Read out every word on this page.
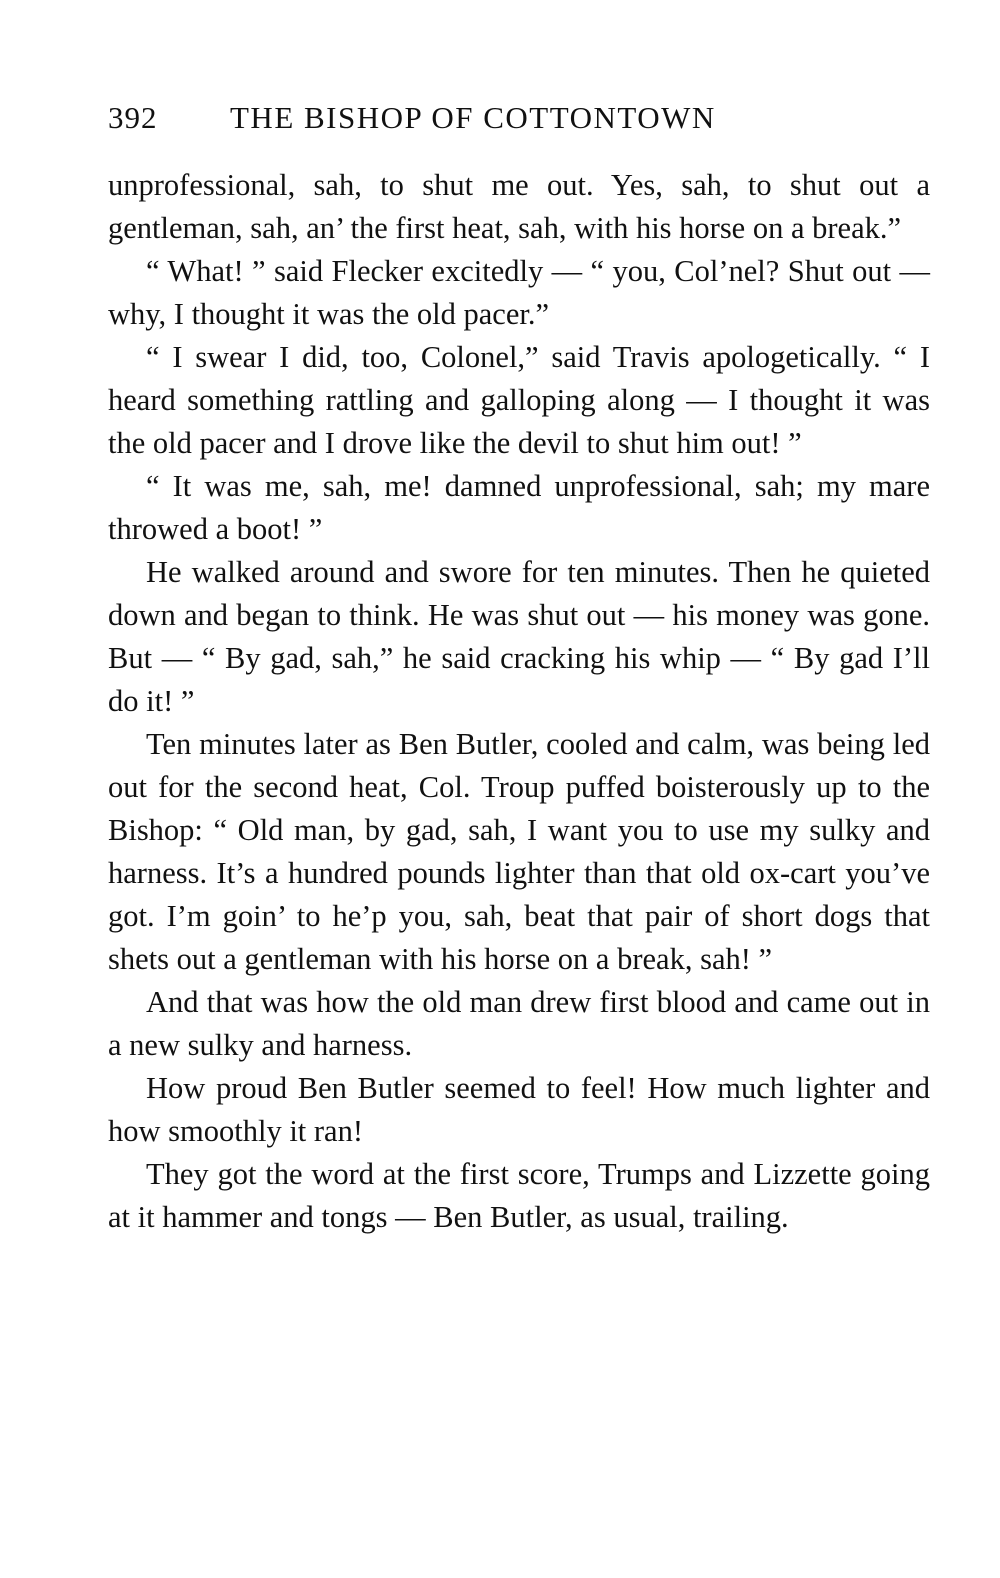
392	THE BISHOP OF COTTONTOWN

unprofessional, sah, to shut me out. Yes, sah, to shut out a gentleman, sah, an’ the first heat, sah, with his horse on a break.”

“ What! ” said Flecker excitedly — “ you, Col’nel? Shut out — why, I thought it was the old pacer.”

“ I swear I did, too, Colonel,” said Travis apologetically. “ I heard something rattling and galloping along — I thought it was the old pacer and I drove like the devil to shut him out! ”

“ It was me, sah, me! damned unprofessional, sah; my mare throwed a boot! ”

He walked around and swore for ten minutes. Then he quieted down and began to think. He was shut out — his money was gone. But — “ By gad, sah,” he said cracking his whip — “ By gad I’ll do it! ”

Ten minutes later as Ben Butler, cooled and calm, was being led out for the second heat, Col. Troup puffed boisterously up to the Bishop: “ Old man, by gad, sah, I want you to use my sulky and harness. It’s a hundred pounds lighter than that old ox-cart you’ve got. I’m goin’ to he’p you, sah, beat that pair of short dogs that shets out a gentleman with his horse on a break, sah! ”

And that was how the old man drew first blood and came out in a new sulky and harness.

How proud Ben Butler seemed to feel! How much lighter and how smoothly it ran!

They got the word at the first score, Trumps and Lizzette going at it hammer and tongs — Ben Butler, as usual, trailing.
